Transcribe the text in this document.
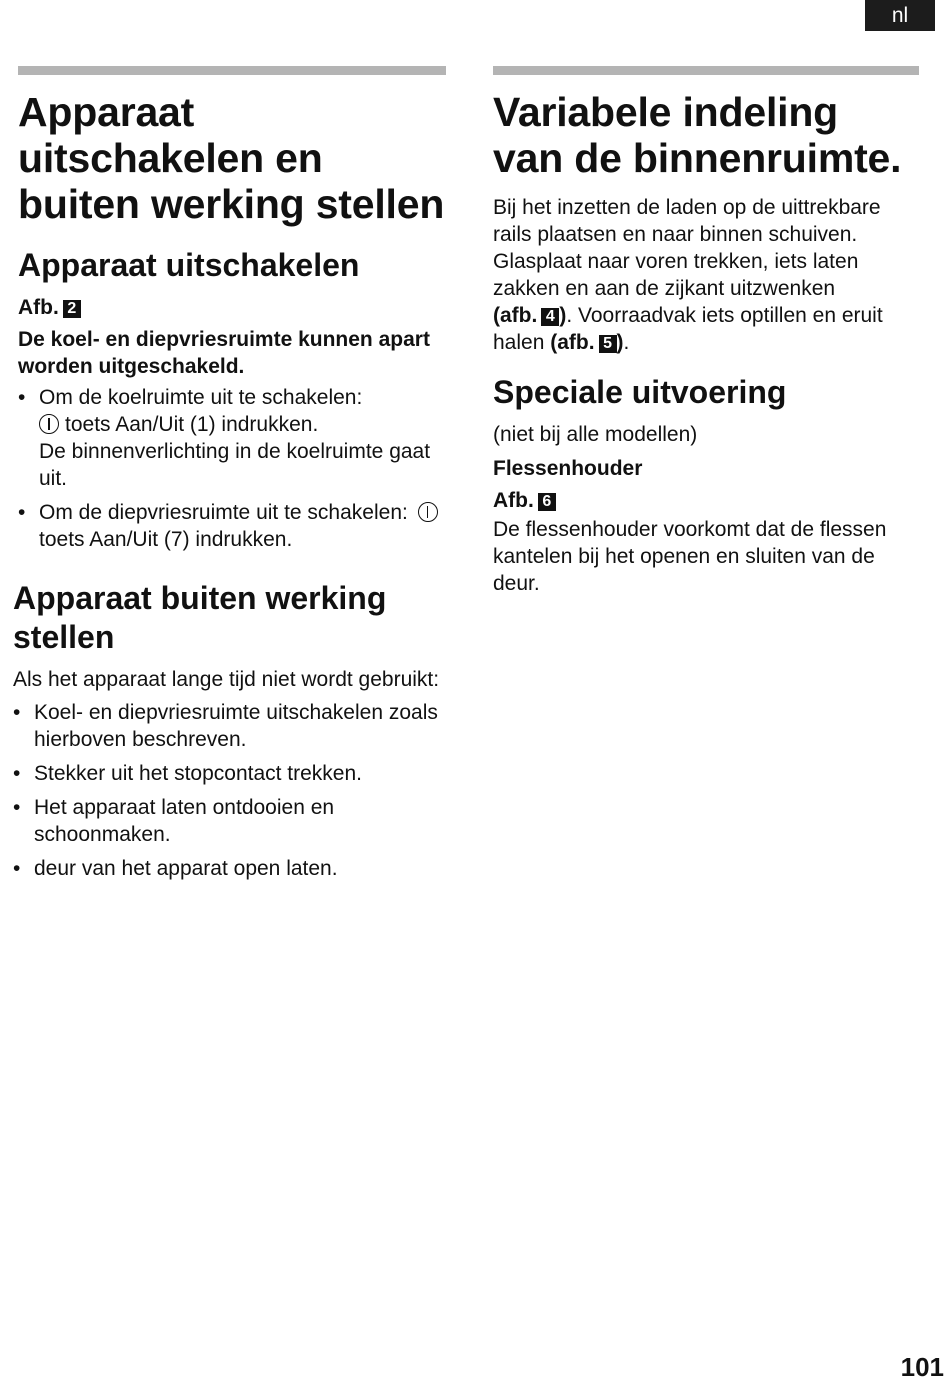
nl
Apparaat uitschakelen en buiten werking stellen
Apparaat uitschakelen

Afb. 2

De koel- en diepvriesruimte kunnen apart worden uitgeschakeld.

• Om de koelruimte uit te schakelen:
toets Aan/Uit (1) indrukken.
De binnenverlichting in de koelruimte gaat uit.
• Om de diepvriesruimte uit te schakelen:  toets Aan/Uit (7) indrukken.
Apparaat buiten werking stellen

Als het apparaat lange tijd niet wordt gebruikt:

• Koel- en diepvriesruimte uitschakelen zoals hierboven beschreven.
• Stekker uit het stopcontact trekken.
• Het apparaat laten ontdooien en schoonmaken.
• deur van het apparat open laten.
Variabele indeling van de binnenruimte.

Bij het inzetten de laden op de uittrekbare rails plaatsen en naar binnen schuiven. Glasplaat naar voren trekken, iets laten zakken en aan de zijkant uitzwenken
(afb. 4 ). Voorraadvak iets optillen en eruit halen (afb. 5 ).

Speciale uitvoering

(niet bij alle modellen)

Flessenhouder

Afb. 6

De flessenhouder voorkomt dat de flessen kantelen bij het openen en sluiten van de deur.

101
